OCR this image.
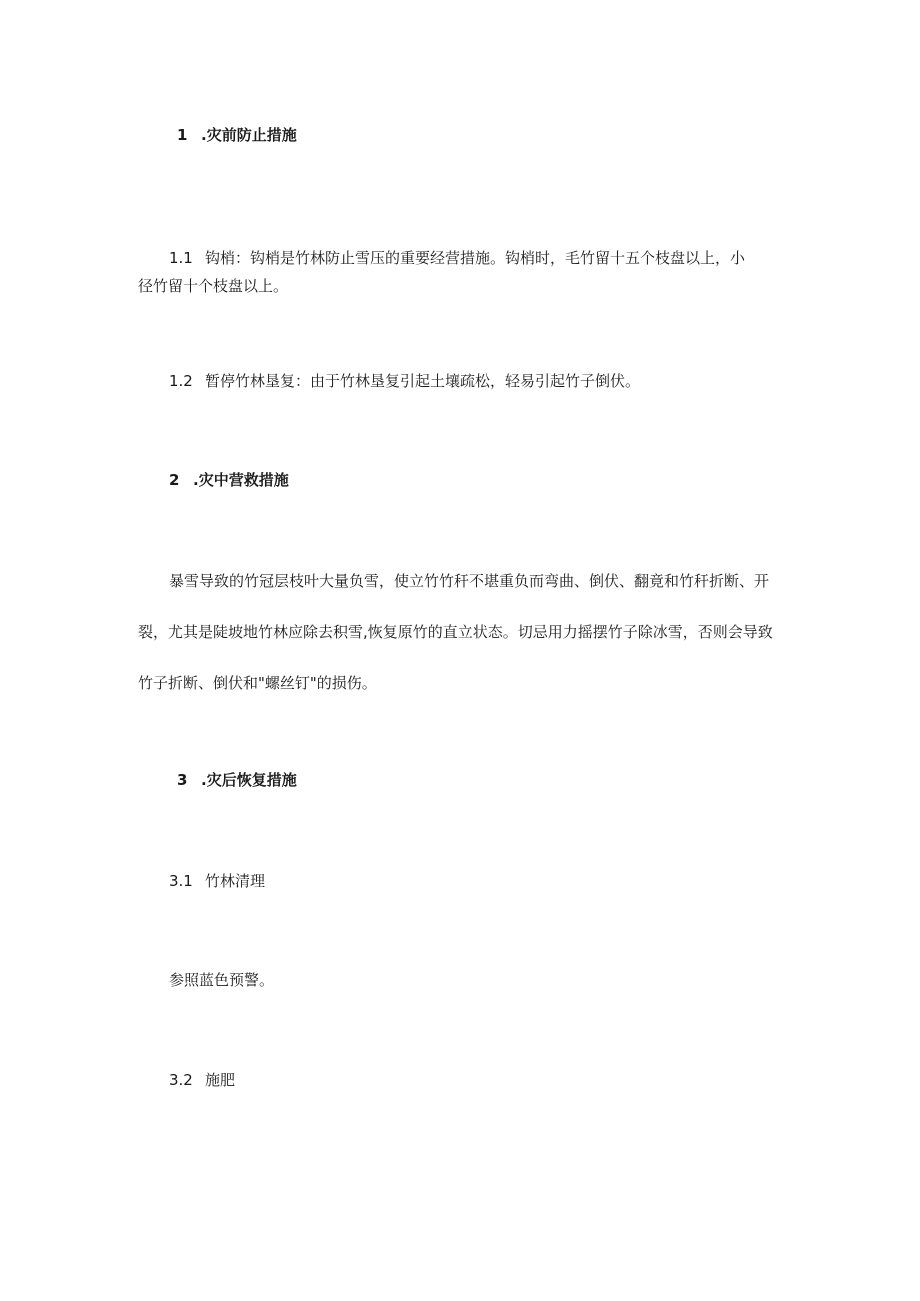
1 .灾前防止措施
1.1 钩梢：钩梢是竹林防止雪压的重要经营措施。钩梢时，毛竹留十五个枝盘以上，小
径竹留十个枝盘以上。
1.2 暂停竹林垦复：由于竹林垦复引起土壤疏松，轻易引起竹子倒伏。
2 .灾中营救措施
暴雪导致的竹冠层枝叶大量负雪，使立竹竹秆不堪重负而弯曲、倒伏、翻竟和竹秆折断、开
裂，尤其是陡坡地竹林应除去积雪,恢复原竹的直立状态。切忌用力摇摆竹子除冰雪，否则会导致
竹子折断、倒伏和"螺丝钉"的损伤。
3 .灾后恢复措施
3.1 竹林清理
参照蓝色预警。
3.2 施肥
